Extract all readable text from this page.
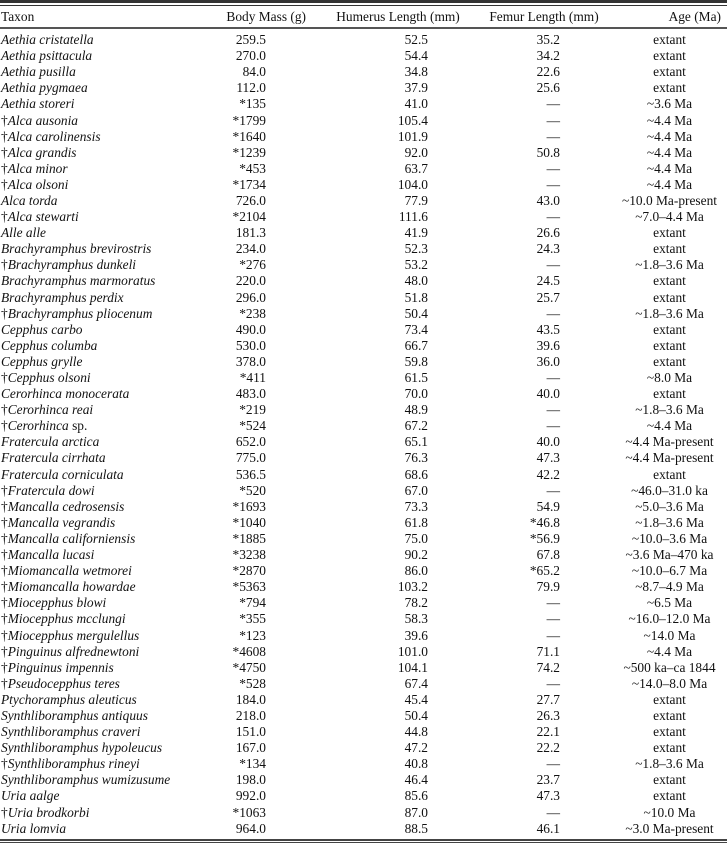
Taxon	Body Mass (g)	Humerus Length (mm)	Femur Length (mm)	Age (Ma)

Aethia cristatella	259.5	52.5	35.2	extant
Aethia psittacula	270.0	54.4	34.2	extant
Aethia pusilla	84.0	34.8	22.6	extant
Aethia pygmaea	112.0	37.9	25.6	extant
Aethia storeri	*135	41.0	—	~3.6 Ma
†Alca ausonia	*1799	105.4	—	~4.4 Ma
†Alca carolinensis	*1640	101.9	—	~4.4 Ma
†Alca grandis	*1239	92.0	50.8	~4.4 Ma
†Alca minor	*453	63.7	—	~4.4 Ma
†Alca olsoni	*1734	104.0	—	~4.4 Ma
Alca torda	726.0	77.9	43.0	~10.0 Ma-present
†Alca stewarti	*2104	111.6	—	~7.0–4.4 Ma
Alle alle	181.3	41.9	26.6	extant
Brachyramphus brevirostris	234.0	52.3	24.3	extant
†Brachyramphus dunkeli	*276	53.2	—	~1.8–3.6 Ma
Brachyramphus marmoratus	220.0	48.0	24.5	extant
Brachyramphus perdix	296.0	51.8	25.7	extant
†Brachyramphus pliocenum	*238	50.4	—	~1.8–3.6 Ma
Cepphus carbo	490.0	73.4	43.5	extant
Cepphus columba	530.0	66.7	39.6	extant
Cepphus grylle	378.0	59.8	36.0	extant
†Cepphus olsoni	*411	61.5	—	~8.0 Ma
Cerorhinca monocerata	483.0	70.0	40.0	extant
†Cerorhinca reai	*219	48.9	—	~1.8–3.6 Ma
†Cerorhinca sp.	*524	67.2	—	~4.4 Ma
Fratercula arctica	652.0	65.1	40.0	~4.4 Ma-present
Fratercula cirrhata	775.0	76.3	47.3	~4.4 Ma-present
Fratercula corniculata	536.5	68.6	42.2	extant
†Fratercula dowi	*520	67.0	—	~46.0–31.0 ka
†Mancalla cedrosensis	*1693	73.3	54.9	~5.0–3.6 Ma
†Mancalla vegrandis	*1040	61.8	*46.8	~1.8–3.6 Ma
†Mancalla californiensis	*1885	75.0	*56.9	~10.0–3.6 Ma
†Mancalla lucasi	*3238	90.2	67.8	~3.6 Ma–470 ka
†Miomancalla wetmorei	*2870	86.0	*65.2	~10.0–6.7 Ma
†Miomancalla howardae	*5363	103.2	79.9	~8.7–4.9 Ma
†Miocepphus blowi	*794	78.2	—	~6.5 Ma
†Miocepphus mcclungi	*355	58.3	—	~16.0–12.0 Ma
†Miocepphus mergulellus	*123	39.6	—	~14.0 Ma
†Pinguinus alfrednewtoni	*4608	101.0	71.1	~4.4 Ma
†Pinguinus impennis	*4750	104.1	74.2	~500 ka–ca 1844
†Pseudocepphus teres	*528	67.4	—	~14.0–8.0 Ma
Ptychoramphus aleuticus	184.0	45.4	27.7	extant
Synthliboramphus antiquus	218.0	50.4	26.3	extant
Synthliboramphus craveri	151.0	44.8	22.1	extant
Synthliboramphus hypoleucus	167.0	47.2	22.2	extant
†Synthliboramphus rineyi	*134	40.8	—	~1.8–3.6 Ma
Synthliboramphus wumizusume	198.0	46.4	23.7	extant
Uria aalge	992.0	85.6	47.3	extant
†Uria brodkorbi	*1063	87.0	—	~10.0 Ma
Uria lomvia	964.0	88.5	46.1	~3.0 Ma-present
